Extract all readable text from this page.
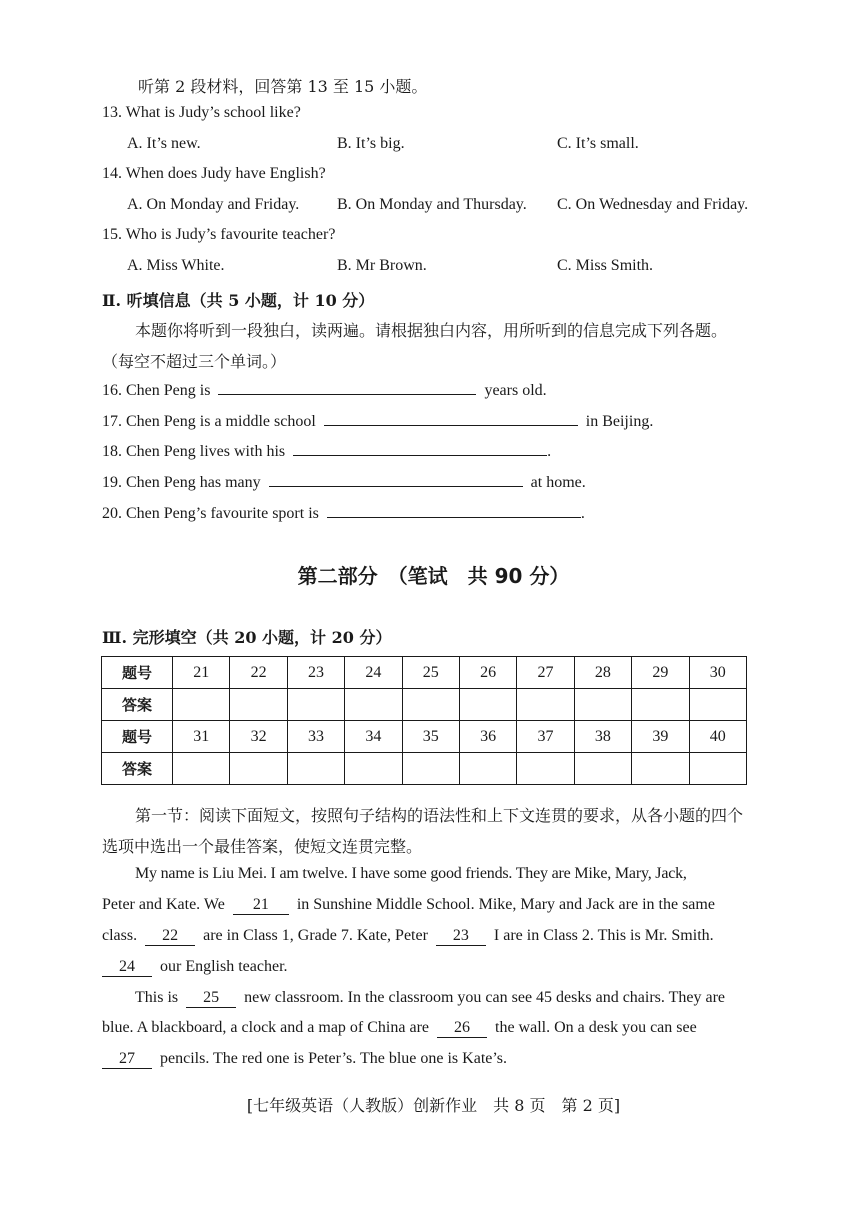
听第 2 段材料，回答第 13 至 15 小题。
13. What is Judy’s school like?
A. It’s new.	B. It’s big.	C. It’s small.
14. When does Judy have English?
A. On Monday and Friday. B. On Monday and Thursday. C. On Wednesday and Friday.
15. Who is Judy’s favourite teacher?
A. Miss White.	B. Mr Brown.	C. Miss Smith.
Ⅱ. 听填信息（共 5 小题，计 10 分）
本题你将听到一段独白，读两遍。请根据独白内容，用所听到的信息完成下列各题。
（每空不超过三个单词。）
16. Chen Peng is	years old.
17. Chen Peng is a middle school	in Beijing.
18. Chen Peng lives with his	.
19. Chen Peng has many	at home.
20. Chen Peng’s favourite sport is	.
第二部分　（笔试　共 90 分）
Ⅲ. 完形填空（共 20 小题，计 20 分）
题号	21	22	23	24	25	26	27	28	29	30
答案										
题号	31	32	33	34	35	36	37	38	39	40
答案										
第一节：阅读下面短文，按照句子结构的语法性和上下文连贯的要求，从各小题的四个
选项中选出一个最佳答案，使短文连贯完整。
My name is Liu Mei. I am twelve. I have some good friends. They are Mike, Mary, Jack,
Peter and Kate. We 21 in Sunshine Middle School. Mike, Mary and Jack are in the same
class. 22 are in Class 1, Grade 7. Kate, Peter 23 I are in Class 2. This is Mr. Smith.
24 our English teacher.
This is 25 new classroom. In the classroom you can see 45 desks and chairs. They are
blue. A blackboard, a clock and a map of China are 26 the wall. On a desk you can see
27 pencils. The red one is Peter’s. The blue one is Kate’s.
[七年级英语（人教版）创新作业　共 8 页　第 2 页]
